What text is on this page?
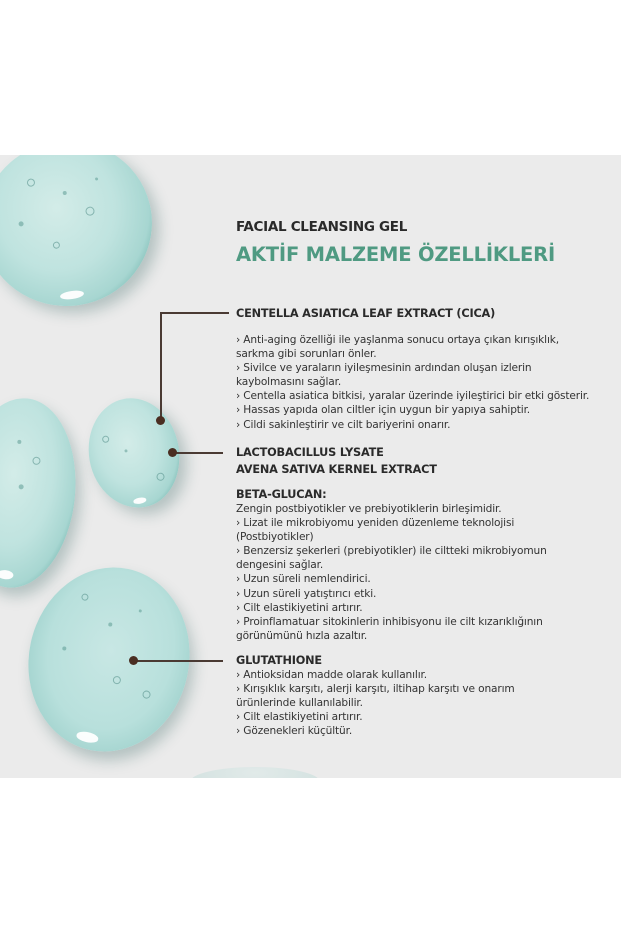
FACIAL CLEANSING GEL
AKTİF MALZEME ÖZELLİKLERİ
CENTELLA ASIATICA LEAF EXTRACT (CICA)
› Anti-aging özelliği ile yaşlanma sonucu ortaya çıkan kırışıklık,
sarkma gibi sorunları önler.
› Sivilce ve yaraların iyileşmesinin ardından oluşan izlerin
kaybolmasını sağlar.
› Centella asiatica bitkisi, yaralar üzerinde iyileştirici bir etki gösterir.
› Hassas yapıda olan ciltler için uygun bir yapıya sahiptir.
› Cildi sakinleştirir ve cilt bariyerini onarır.
LACTOBACILLUS LYSATE
AVENA SATIVA KERNEL EXTRACT
BETA-GLUCAN:
Zengin postbiyotikler ve prebiyotiklerin birleşimidir.
› Lizat ile mikrobiyomu yeniden düzenleme teknolojisi
(Postbiyotikler)
› Benzersiz şekerleri (prebiyotikler) ile ciltteki mikrobiyomun
dengesini sağlar.
› Uzun süreli nemlendirici.
› Uzun süreli yatıştırıcı etki.
› Cilt elastikiyetini artırır.
› Proinflamatuar sitokinlerin inhibisyonu ile cilt kızarıklığının
görünümünü hızla azaltır.
GLUTATHIONE
› Antioksidan madde olarak kullanılır.
› Kırışıklık karşıtı, alerji karşıtı, iltihap karşıtı ve onarım
ürünlerinde kullanılabilir.
› Cilt elastikiyetini artırır.
› Gözenekleri küçültür.
